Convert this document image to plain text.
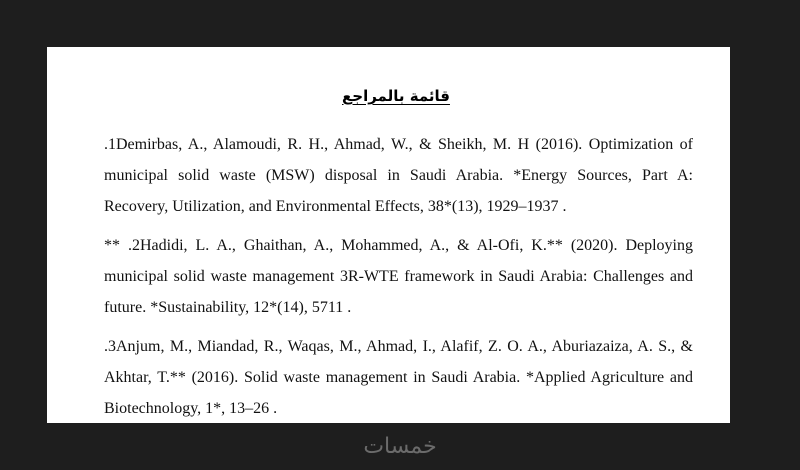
قائمة بالمراجع

.1Demirbas, A., Alamoudi, R. H., Ahmad, W., & Sheikh, M. H (2016). Optimization of municipal solid waste (MSW) disposal in Saudi Arabia. *Energy Sources, Part A: Recovery, Utilization, and Environmental Effects, 38*(13), 1929–1937 .

** .2Hadidi, L. A., Ghaithan, A., Mohammed, A., & Al-Ofi, K.** (2020). Deploying municipal solid waste management 3R-WTE framework in Saudi Arabia: Challenges and future. *Sustainability, 12*(14), 5711 .

.3Anjum, M., Miandad, R., Waqas, M., Ahmad, I., Alafif, Z. O. A., Aburiazaiza, A. S., & Akhtar, T.** (2016). Solid waste management in Saudi Arabia. *Applied Agriculture and Biotechnology, 1*, 13–26 .

خمسات
